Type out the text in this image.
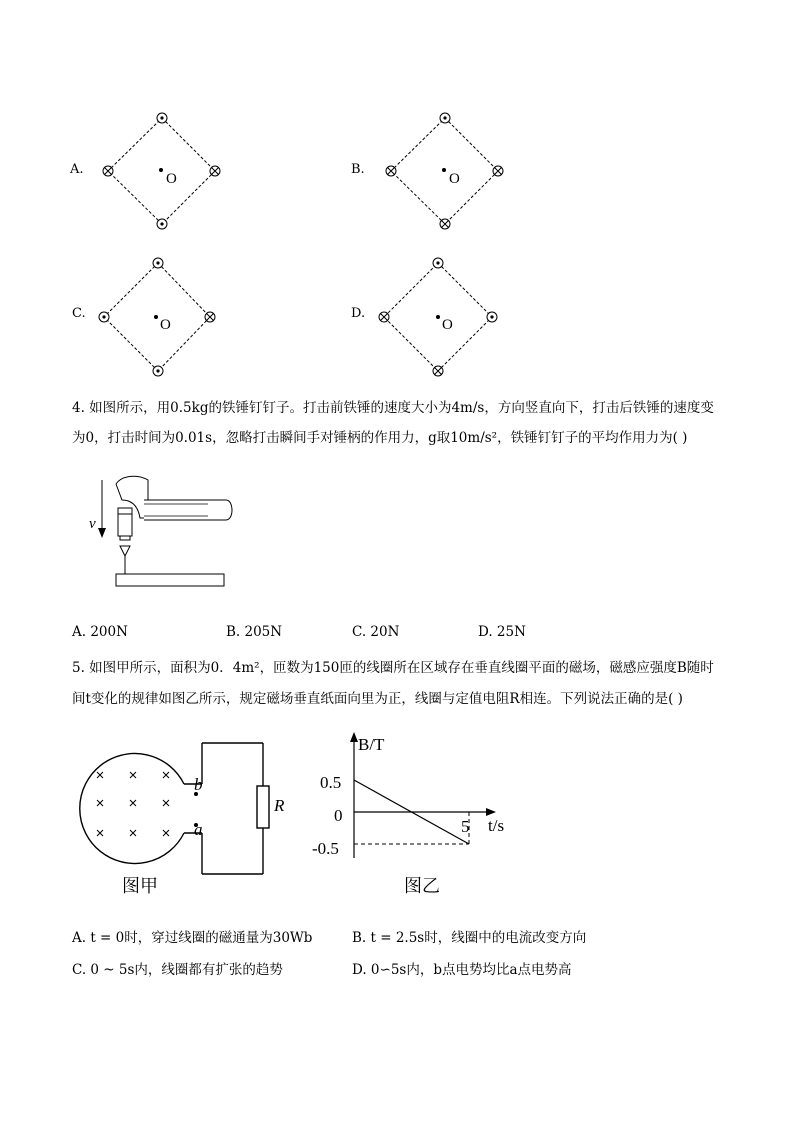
A.
O
B.
O
C.
O
D.
O
4. 如图所示，用0.5kg的铁锤钉钉子。打击前铁锤的速度大小为4m/s，方向竖直向下，打击后铁锤的速度变
为0，打击时间为0.01s，忽略打击瞬间手对锤柄的作用力，g取10m/s²，铁锤钉钉子的平均作用力为( )
v
A. 200N	B. 205N	C. 20N	D. 25N
5. 如图甲所示，面积为0．4m²，匝数为150匝的线圈所在区域存在垂直线圈平面的磁场，磁感应强度B随时
间t变化的规律如图乙所示，规定磁场垂直纸面向里为正，线圈与定值电阻R相连。下列说法正确的是( )
b
a
R
图甲
B/T
t/s
0.5
0
-0.5
5
图乙
A. t = 0时，穿过线圈的磁通量为30Wb	B. t = 2.5s时，线圈中的电流改变方向
C. 0 ~ 5s内，线圈都有扩张的趋势	D. 0∽5s内，b点电势均比a点电势高
